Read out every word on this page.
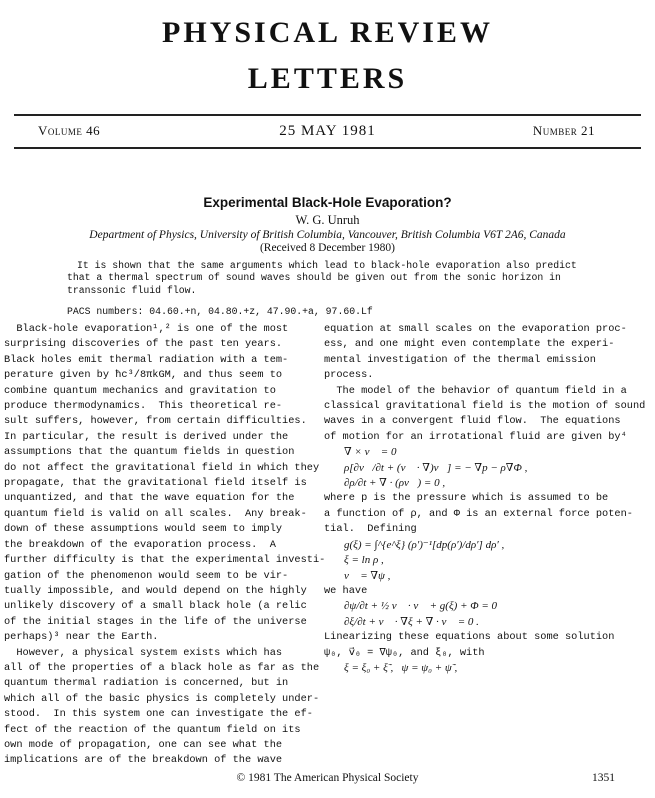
PHYSICAL REVIEW
LETTERS
Volume 46	25 MAY 1981	Number 21
Experimental Black-Hole Evaporation?
W. G. Unruh
Department of Physics, University of British Columbia, Vancouver, British Columbia V6T 2A6, Canada
(Received 8 December 1980)
It is shown that the same arguments which lead to black-hole evaporation also predict
that a thermal spectrum of sound waves should be given out from the sonic horizon in
transsonic fluid flow.
PACS numbers: 04.60.+n, 04.80.+z, 47.90.+a, 97.60.Lf
Black-hole evaporation¹,² is one of the most
surprising discoveries of the past ten years.
Black holes emit thermal radiation with a tem-
perature given by ħc³/8πkGM, and thus seem to
combine quantum mechanics and gravitation to
produce thermodynamics.  This theoretical re-
sult suffers, however, from certain difficulties.
In particular, the result is derived under the
assumptions that the quantum fields in question
do not affect the gravitational field in which they
propagate, that the gravitational field itself is
unquantized, and that the wave equation for the
quantum field is valid on all scales.  Any break-
down of these assumptions would seem to imply
the breakdown of the evaporation process.  A
further difficulty is that the experimental investi-
gation of the phenomenon would seem to be vir-
tually impossible, and would depend on the highly
unlikely discovery of a small black hole (a relic
of the initial stages in the life of the universe
perhaps)³ near the Earth.
However, a physical system exists which has
all of the properties of a black hole as far as the
quantum thermal radiation is concerned, but in
which all of the basic physics is completely under-
stood.  In this system one can investigate the ef-
fect of the reaction of the quantum field on its
own mode of propagation, one can see what the
implications are of the breakdown of the wave
equation at small scales on the evaporation proc-
ess, and one might even contemplate the experi-
mental investigation of the thermal emission
process.
The model of the behavior of quantum field in a
classical gravitational field is the motion of sound
waves in a convergent fluid flow.  The equations
of motion for an irrotational fluid are given by⁴
∇ × v⃗ = 0
ρ[∂v⃗/∂t + (v⃗ · ∇)v⃗] = − ∇p − ρ∇Φ ,
∂ρ/∂t + ∇ · (ρv⃗) = 0 ,
where p is the pressure which is assumed to be
a function of ρ, and Φ is an external force poten-
tial.  Defining
g(ξ) = ∫^{e^ξ} (ρ′)⁻¹[dp(ρ′)/dρ′] dρ′ ,
ξ = ln ρ ,
v⃗ = ∇ψ ,
we have
∂ψ/∂t + ½ v⃗ · v⃗ + g(ξ) + Φ = 0
∂ξ/∂t + v⃗ · ∇ξ + ∇ · v⃗ = 0 .
Linearizing these equations about some solution
ψ₀, v⃗₀ = ∇ψ₀, and ξ₀, with
ξ = ξ₀ + ξ̃ ,   ψ = ψ₀ + ψ̃ ,
© 1981 The American Physical Society	1351
